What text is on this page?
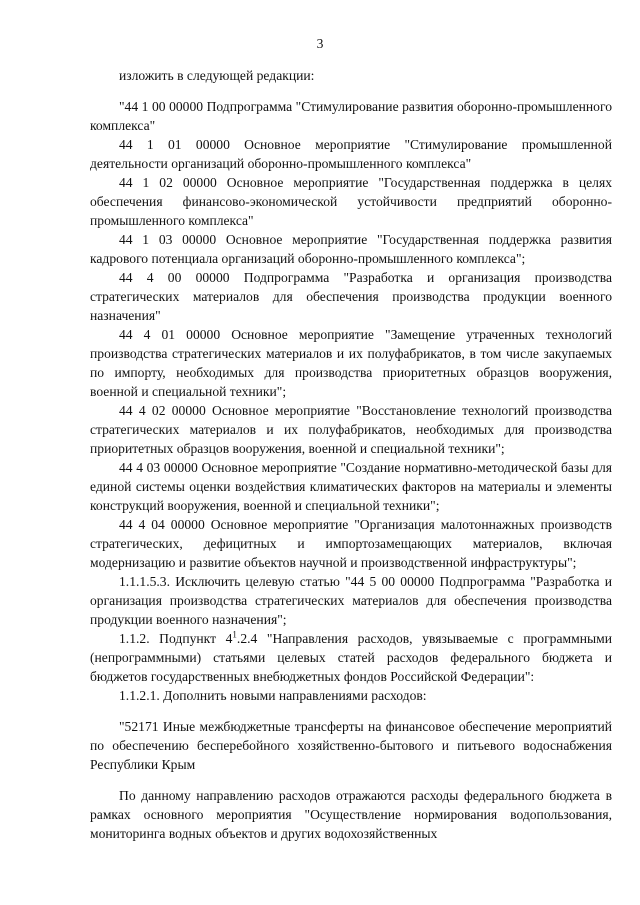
3

изложить в следующей редакции:

"44 1 00 00000 Подпрограмма "Стимулирование развития оборонно-промышленного комплекса"

44 1 01 00000 Основное мероприятие "Стимулирование промышленной деятельности организаций оборонно-промышленного комплекса"

44 1 02 00000 Основное мероприятие "Государственная поддержка в целях обеспечения финансово-экономической устойчивости предприятий оборонно-промышленного комплекса"

44 1 03 00000 Основное мероприятие "Государственная поддержка развития кадрового потенциала организаций оборонно-промышленного комплекса";

44 4 00 00000 Подпрограмма "Разработка и организация производства стратегических материалов для обеспечения производства продукции военного назначения"

44 4 01 00000 Основное мероприятие "Замещение утраченных технологий производства стратегических материалов и их полуфабрикатов, в том числе закупаемых по импорту, необходимых для производства приоритетных образцов вооружения, военной и специальной техники";

44 4 02 00000 Основное мероприятие "Восстановление технологий производства стратегических материалов и их полуфабрикатов, необходимых для производства приоритетных образцов вооружения, военной и специальной техники";

44 4 03 00000 Основное мероприятие "Создание нормативно-методической базы для единой системы оценки воздействия климатических факторов на материалы и элементы конструкций вооружения, военной и специальной техники";

44 4 04 00000 Основное мероприятие "Организация малотоннажных производств стратегических, дефицитных и импортозамещающих материалов, включая модернизацию и развитие объектов научной и производственной инфраструктуры";

1.1.1.5.3. Исключить целевую статью "44 5 00 00000 Подпрограмма "Разработка и организация производства стратегических материалов для обеспечения производства продукции военного назначения";

1.1.2. Подпункт $4^1.2.4$ "Направления расходов, увязываемые с программными (непрограммными) статьями целевых статей расходов федерального бюджета и бюджетов государственных внебюджетных фондов Российской Федерации":

1.1.2.1. Дополнить новыми направлениями расходов:

"52171 Иные межбюджетные трансферты на финансовое обеспечение мероприятий по обеспечению бесперебойного хозяйственно-бытового и питьевого водоснабжения Республики Крым

По данному направлению расходов отражаются расходы федерального бюджета в рамках основного мероприятия "Осуществление нормирования водопользования, мониторинга водных объектов и других водохозяйственных
